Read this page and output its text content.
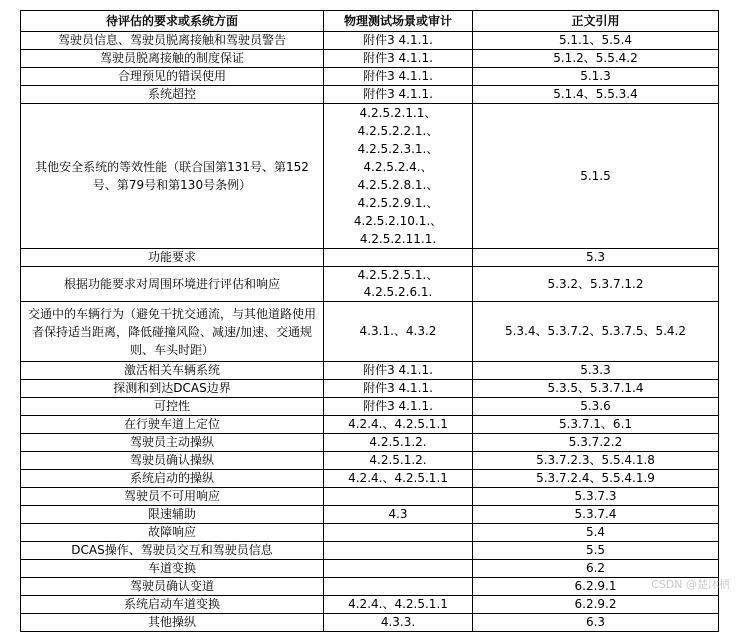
待评估的要求或系统方面	物理测试场景或审计	正文引用
驾驶员信息、驾驶员脱离接触和驾驶员警告	附件3 4.1.1.	5.1.1、5.5.4
驾驶员脱离接触的制度保证	附件3 4.1.1.	5.1.2、5.5.4.2
合理预见的错误使用	附件3 4.1.1.	5.1.3
系统超控	附件3 4.1.1.	5.1.4、5.5.3.4
其他安全系统的等效性能（联合国第131号、第152号、第79号和第130号条例）	4.2.5.2.1.1、4.2.5.2.2.1.、4.2.5.2.3.1.、4.2.5.2.4.、4.2.5.2.8.1.、4.2.5.2.9.1.、4.2.5.2.10.1.、4.2.5.2.11.1.	5.1.5
功能要求		5.3
根据功能要求对周围环境进行评估和响应	4.2.5.2.5.1.、4.2.5.2.6.1.	5.3.2、5.3.7.1.2
交通中的车辆行为（避免干扰交通流，与其他道路使用者保持适当距离，降低碰撞风险、减速/加速、交通规则、车头时距）	4.3.1.、4.3.2	5.3.4、5.3.7.2、5.3.7.5、5.4.2
激活相关车辆系统	附件3 4.1.1.	5.3.3
探测和到达DCAS边界	附件3 4.1.1.	5.3.5、5.3.7.1.4
可控性	附件3 4.1.1.	5.3.6
在行驶车道上定位	4.2.4.、4.2.5.1.1	5.3.7.1、6.1
驾驶员主动操纵	4.2.5.1.2.	5.3.7.2.2
驾驶员确认操纵	4.2.5.1.2.	5.3.7.2.3、5.5.4.1.8
系统启动的操纵	4.2.4.、4.2.5.1.1	5.3.7.2.4、5.5.4.1.9
驾驶员不可用响应		5.3.7.3
限速辅助	4.3	5.3.7.4
故障响应		5.4
DCAS操作、驾驶员交互和驾驶员信息		5.5
车道变换		6.2
驾驶员确认变道		6.2.9.1
系统启动车道变换	4.2.4.、4.2.5.1.1	6.2.9.2
其他操纵	4.3.3.	6.3
CSDN @楚沐栖
